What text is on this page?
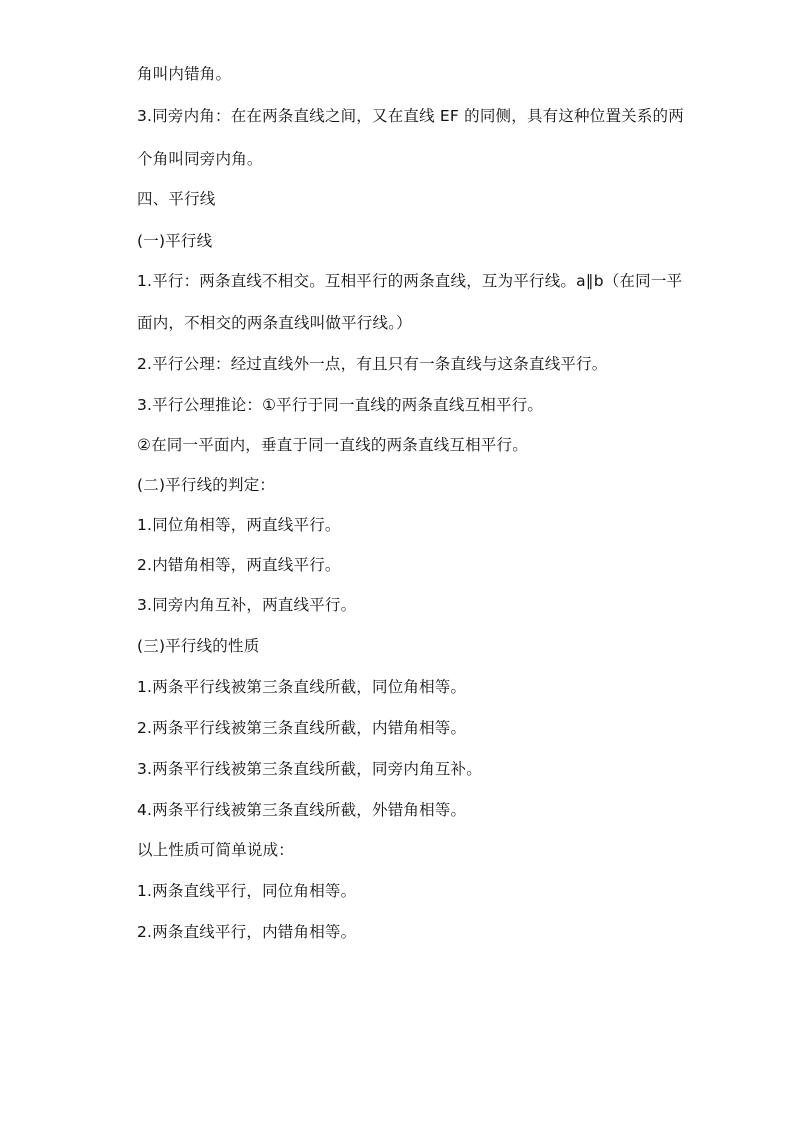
角叫内错角。
3.同旁内角：在在两条直线之间，又在直线 EF 的同侧，具有这种位置关系的两
个角叫同旁内角。
四、平行线
(一)平行线
1.平行：两条直线不相交。互相平行的两条直线，互为平行线。a∥b（在同一平
面内，不相交的两条直线叫做平行线。）
2.平行公理：经过直线外一点，有且只有一条直线与这条直线平行。
3.平行公理推论：①平行于同一直线的两条直线互相平行。
②在同一平面内，垂直于同一直线的两条直线互相平行。
(二)平行线的判定：
1.同位角相等，两直线平行。
2.内错角相等，两直线平行。
3.同旁内角互补，两直线平行。
(三)平行线的性质
1.两条平行线被第三条直线所截，同位角相等。
2.两条平行线被第三条直线所截，内错角相等。
3.两条平行线被第三条直线所截，同旁内角互补。
4.两条平行线被第三条直线所截，外错角相等。
以上性质可简单说成：
1.两条直线平行，同位角相等。
2.两条直线平行，内错角相等。
